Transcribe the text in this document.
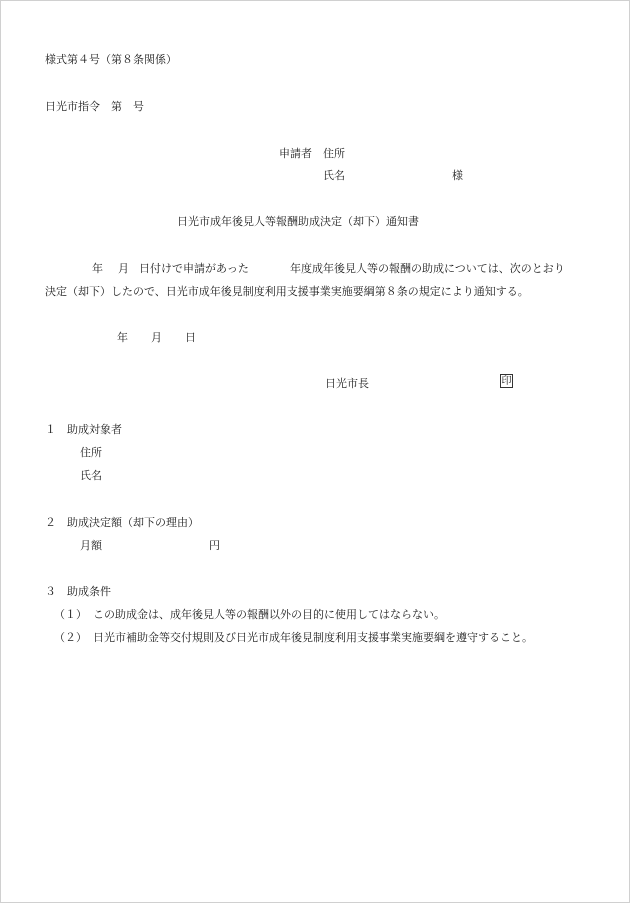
様式第４号（第８条関係）
日光市指令　第　号
申請者 住所
氏名	様
日光市成年後見人等報酬助成決定（却下）通知書
年 月 日付けで申請があった	年度成年後見人等の報酬の助成については、次のとおり
決定（却下）したので、日光市成年後見制度利用支援事業実施要綱第８条の規定により通知する。
年 月 日
日光市長	印
１　助成対象者
住所
氏名
２　助成決定額（却下の理由）
月額	円
３　助成条件
（１） この助成金は、成年後見人等の報酬以外の目的に使用してはならない。
（２） 日光市補助金等交付規則及び日光市成年後見制度利用支援事業実施要綱を遵守すること。
